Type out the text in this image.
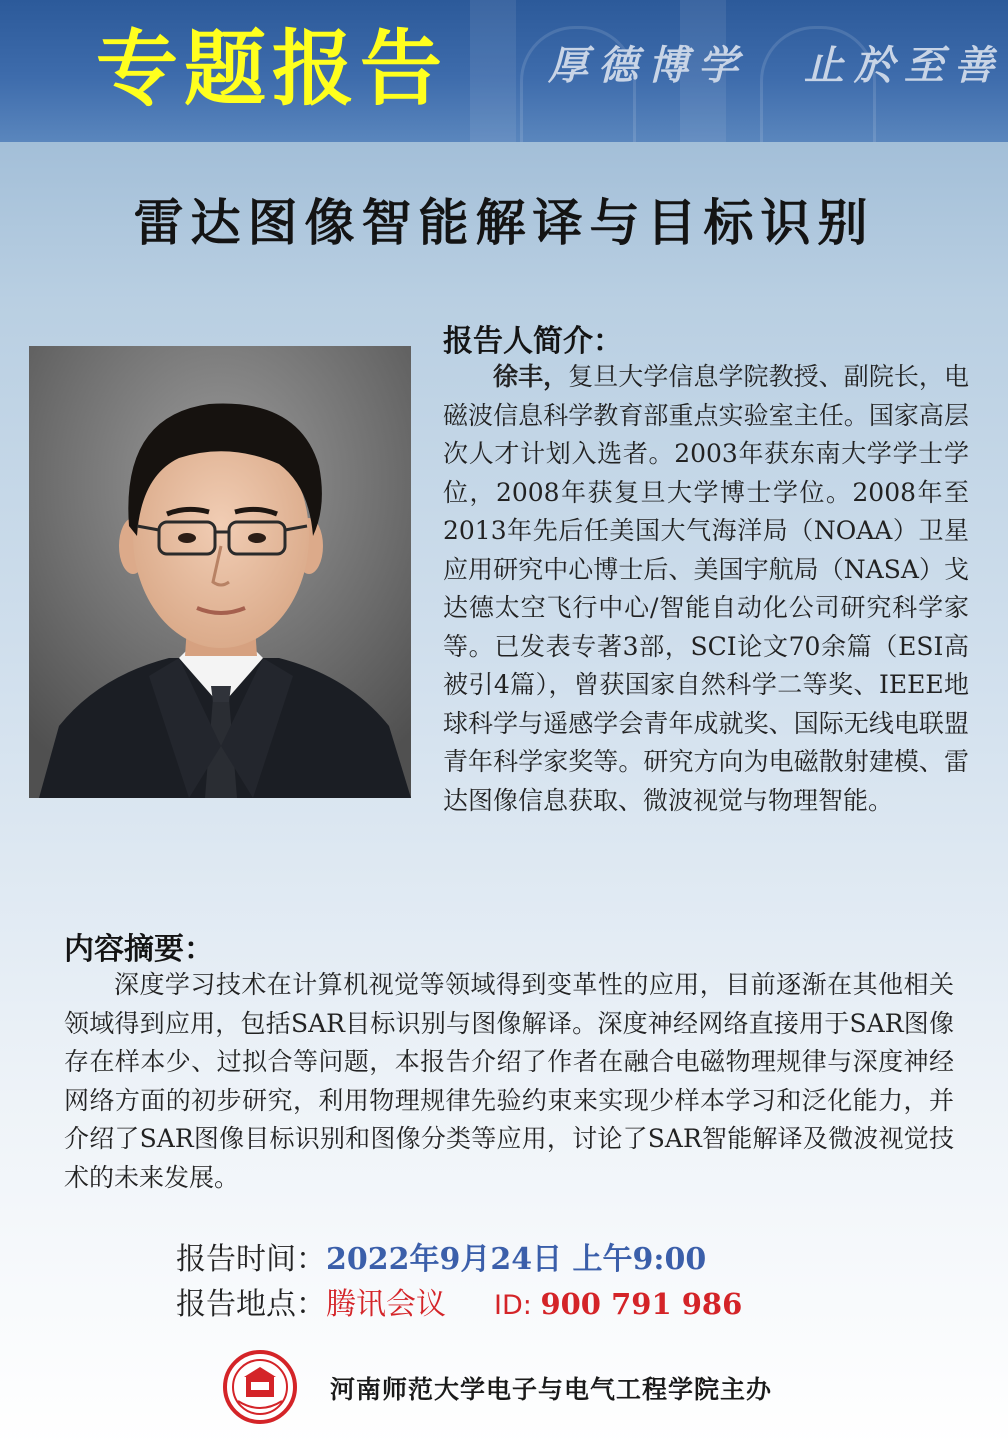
专题报告 厚德博学 止於至善
雷达图像智能解译与目标识别
报告人简介：
徐丰，复旦大学信息学院教授、副院长，电磁波信息科学教育部重点实验室主任。国家高层次人才计划入选者。2003年获东南大学学士学位，2008年获复旦大学博士学位。2008年至2013年先后任美国大气海洋局（NOAA）卫星应用研究中心博士后、美国宇航局（NASA）戈达德太空飞行中心/智能自动化公司研究科学家等。已发表专著3部，SCI论文70余篇（ESI高被引4篇），曾获国家自然科学二等奖、IEEE地球科学与遥感学会青年成就奖、国际无线电联盟青年科学家奖等。研究方向为电磁散射建模、雷达图像信息获取、微波视觉与物理智能。
内容摘要：
深度学习技术在计算机视觉等领域得到变革性的应用，目前逐渐在其他相关领域得到应用，包括SAR目标识别与图像解译。深度神经网络直接用于SAR图像存在样本少、过拟合等问题，本报告介绍了作者在融合电磁物理规律与深度神经网络方面的初步研究，利用物理规律先验约束来实现少样本学习和泛化能力，并介绍了SAR图像目标识别和图像分类等应用，讨论了SAR智能解译及微波视觉技术的未来发展。
报告时间：2022年9月24日 上午9:00
报告地点：腾讯会议 ID: 900 791 986
河南师范大学电子与电气工程学院主办
